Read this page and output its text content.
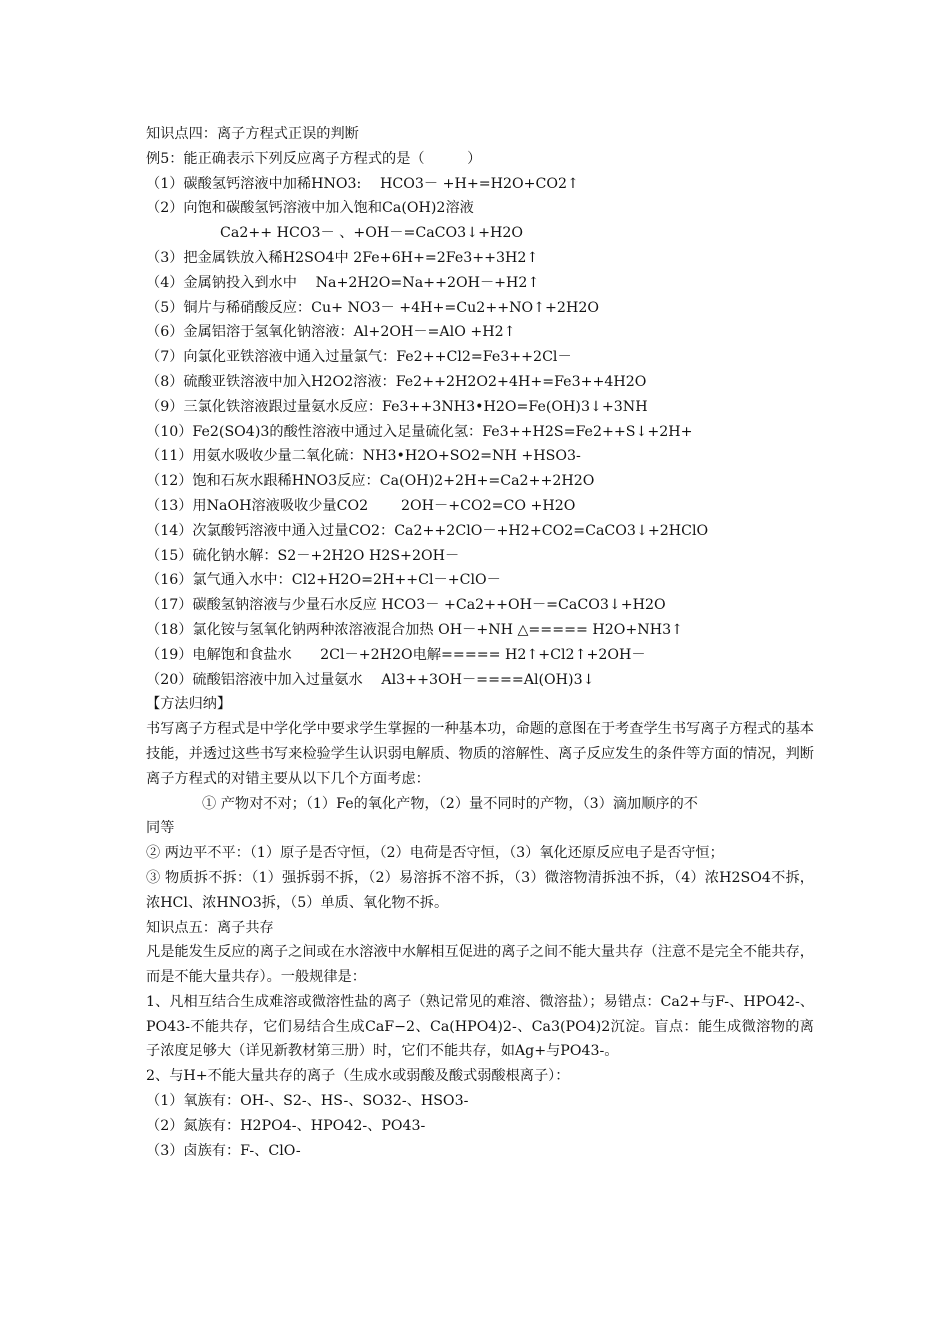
知识点四：离子方程式正误的判断
例5：能正确表示下列反应离子方程式的是（　　　）
（1）碳酸氢钙溶液中加稀HNO3:　 HCO3－ +H+=H2O+CO2↑
（2）向饱和碳酸氢钙溶液中加入饱和Ca(OH)2溶液
Ca2++ HCO3－ 、+OH－=CaCO3↓+H2O
（3）把金属铁放入稀H2SO4中 2Fe+6H+=2Fe3++3H2↑
（4）金属钠投入到水中　 Na+2H2O=Na++2OH－+H2↑
（5）铜片与稀硝酸反应：Cu+ NO3－ +4H+=Cu2++NO↑+2H2O
（6）金属铝溶于氢氧化钠溶液：Al+2OH－=AlO +H2↑
（7）向氯化亚铁溶液中通入过量氯气：Fe2++Cl2=Fe3++2Cl－
（8）硫酸亚铁溶液中加入H2O2溶液：Fe2++2H2O2+4H+=Fe3++4H2O
（9）三氯化铁溶液跟过量氨水反应：Fe3++3NH3•H2O=Fe(OH)3↓+3NH
（10）Fe2(SO4)3的酸性溶液中通过入足量硫化氢：Fe3++H2S=Fe2++S↓+2H+
（11）用氨水吸收少量二氧化硫：NH3•H2O+SO2=NH +HSO3-
（12）饱和石灰水跟稀HNO3反应：Ca(OH)2+2H+=Ca2++2H2O
（13）用NaOH溶液吸收少量CO2　　 2OH－+CO2=CO +H2O
（14）次氯酸钙溶液中通入过量CO2：Ca2++2ClO－+H2+CO2=CaCO3↓+2HClO
（15）硫化钠水解：S2－+2H2O H2S+2OH－
（16）氯气通入水中：Cl2+H2O=2H++Cl－+ClO－
（17）碳酸氢钠溶液与少量石水反应 HCO3－ +Ca2++OH－=CaCO3↓+H2O
（18）氯化铵与氢氧化钠两种浓溶液混合加热 OH－+NH △===== H2O+NH3↑
（19）电解饱和食盐水　　2Cl－+2H2O电解===== H2↑+Cl2↑+2OH－
（20）硫酸铝溶液中加入过量氨水　 Al3++3OH－====Al(OH)3↓
【方法归纳】
书写离子方程式是中学化学中要求学生掌握的一种基本功，命题的意图在于考查学生书写离子方程式的基本技能，并透过这些书写来检验学生认识弱电解质、物质的溶解性、离子反应发生的条件等方面的情况，判断离子方程式的对错主要从以下几个方面考虑：
① 产物对不对；（1）Fe的氧化产物，（2）量不同时的产物，（3）滴加顺序的不
同等
② 两边平不平：（1）原子是否守恒，（2）电荷是否守恒，（3）氧化还原反应电子是否守恒；
③ 物质拆不拆：（1）强拆弱不拆，（2）易溶拆不溶不拆，（3）微溶物清拆浊不拆，（4）浓H2SO4不拆，浓HCl、浓HNO3拆，（5）单质、氧化物不拆。
知识点五：离子共存
凡是能发生反应的离子之间或在水溶液中水解相互促进的离子之间不能大量共存（注意不是完全不能共存，而是不能大量共存）。一般规律是：
1、凡相互结合生成难溶或微溶性盐的离子（熟记常见的难溶、微溶盐）；易错点：Ca2+与F-、HPO42-、PO43-不能共存，它们易结合生成CaF−2、Ca(HPO4)2-、Ca3(PO4)2沉淀。盲点：能生成微溶物的离子浓度足够大（详见新教材第三册）时，它们不能共存，如Ag+与PO43-。
2、与H+不能大量共存的离子（生成水或弱酸及酸式弱酸根离子）：
（1）氧族有：OH-、S2-、HS-、SO32-、HSO3-
（2）氮族有：H2PO4-、HPO42-、PO43-
（3）卤族有：F-、ClO-
